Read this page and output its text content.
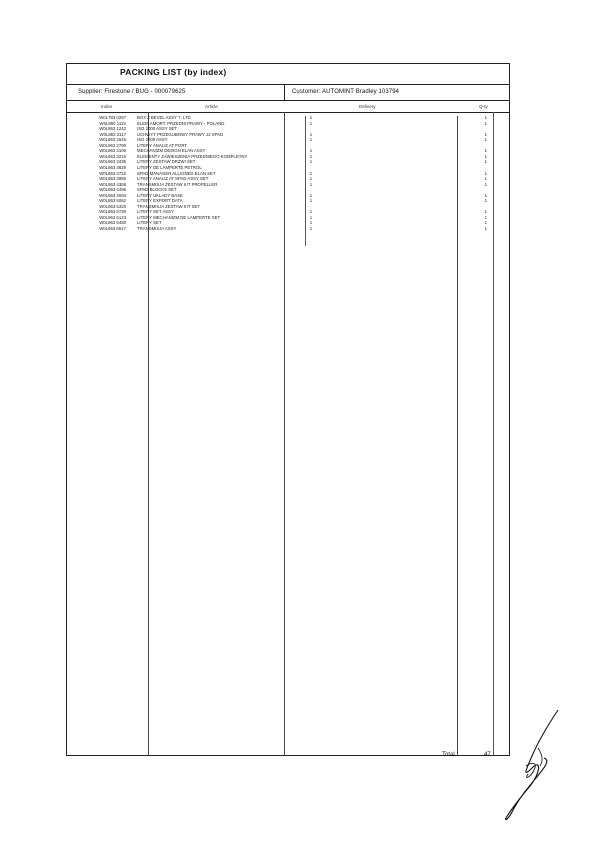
PACKING LIST (by index)
Supplier: Firestone / BUG - 000079625	Customer: AUTOMINT Bradley 103794
Index	Article	Delivery	Q-ty
W0L783 0257	BOX 2 BEVEL ASSY 7. LTD	1	1
W0L860 1122	ELEM.AMORT. PRZEDNI PRAWY - POLAND	1	1
W0L863 1242	ISO 2000 ASSY SET
W0L863 2117	UCHWYT PRZEGUBOWY PRAWY 12 SPAD	1	1
W0L863 2645	ISO 2000 ASSY	1	1
W0L863 2790	LITERY ANALIZ AT PORT
W0L863 3106	MECHANIZM DESIGN ELAN ASSY	1	1
W0L863 3215	ELEMENTY ZAWIESZENIA PRZEDNIEGO KOMPLETNY	1	1
W0L863 3435	LITERY ZESTAW DRZWI SET	1	1
W0L863 3629	LITERY DE LAMPERTE PETROL
W0L863 3722	SPAD MANAGER ALLIGNED ELAN SET	1	1
W0L863 3986	LITERY ANALIZ AT SPAD ASSY SET	1	1
W0L863 4368	TRANSMISJA ZESTAW KIT PROPELLER	1	1
W0L863 4496	SPAD BLOCKS SET
W0L863 4593	LITERY UKLADY BASE	1	1
W0L863 5062	LITERY EXPORT DATA	1	1
W0L863 5320	TRANSMISJA ZESTAW KIT SET
W0L863 5738	LITERY SET ASSY	1	1
W0L863 6123	LITERY MECHANIZM DE LAMPERTE SET	1	1
W0L863 6480	LITERY SET	1	1
W0L863 6517	TRANSMISJA ASSY	1	1
Total	47
